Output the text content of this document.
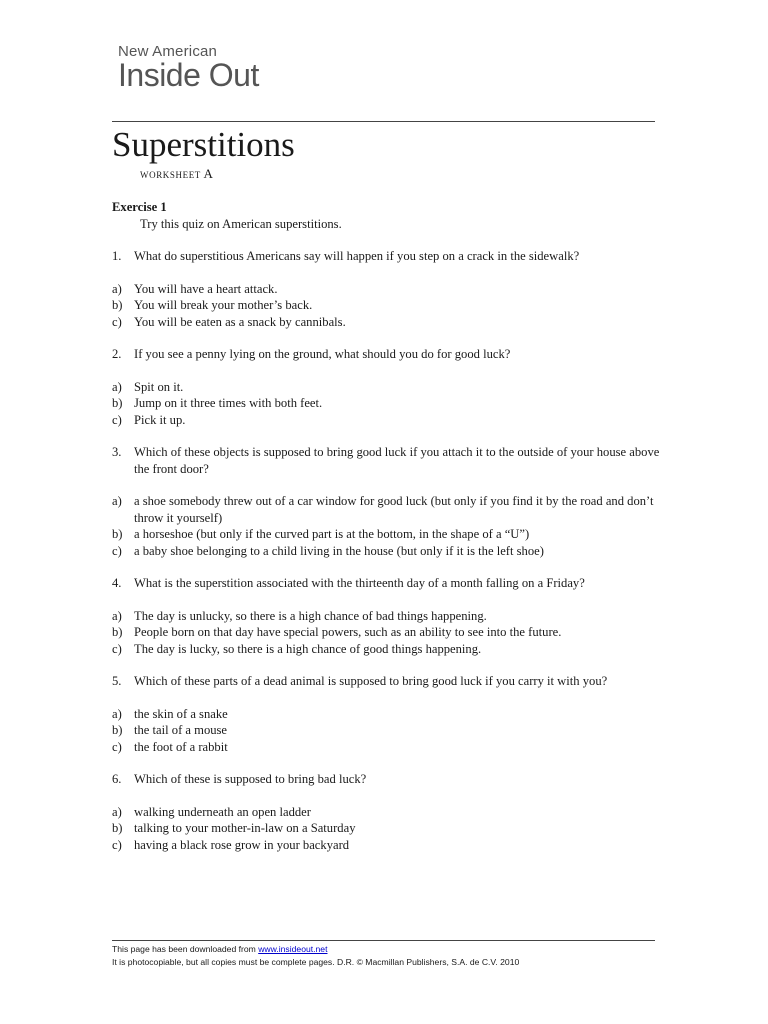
New American
Inside Out
Superstitions
WORKSHEET A
Exercise 1
Try this quiz on American superstitions.
1. What do superstitious Americans say will happen if you step on a crack in the sidewalk?
a) You will have a heart attack.
b) You will break your mother’s back.
c) You will be eaten as a snack by cannibals.
2. If you see a penny lying on the ground, what should you do for good luck?
a) Spit on it.
b) Jump on it three times with both feet.
c) Pick it up.
3. Which of these objects is supposed to bring good luck if you attach it to the outside of your house above the front door?
a) a shoe somebody threw out of a car window for good luck (but only if you find it by the road and don’t throw it yourself)
b) a horseshoe (but only if the curved part is at the bottom, in the shape of a “U”)
c) a baby shoe belonging to a child living in the house (but only if it is the left shoe)
4. What is the superstition associated with the thirteenth day of a month falling on a Friday?
a) The day is unlucky, so there is a high chance of bad things happening.
b) People born on that day have special powers, such as an ability to see into the future.
c) The day is lucky, so there is a high chance of good things happening.
5. Which of these parts of a dead animal is supposed to bring good luck if you carry it with you?
a) the skin of a snake
b) the tail of a mouse
c) the foot of a rabbit
6. Which of these is supposed to bring bad luck?
a) walking underneath an open ladder
b) talking to your mother-in-law on a Saturday
c) having a black rose grow in your backyard
This page has been downloaded from www.insideout.net
It is photocopiable, but all copies must be complete pages. D.R. © Macmillan Publishers, S.A. de C.V. 2010
